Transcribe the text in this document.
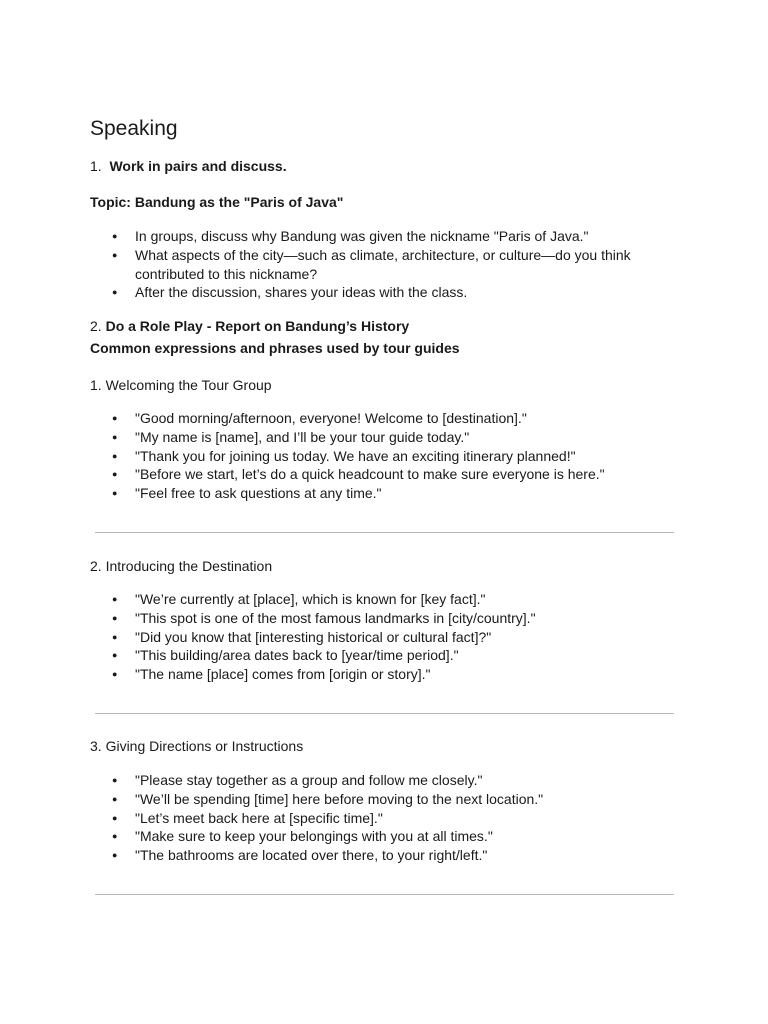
Speaking

1. Work in pairs and discuss.

Topic: Bandung as the "Paris of Java"

● In groups, discuss why Bandung was given the nickname "Paris of Java."
● What aspects of the city—such as climate, architecture, or culture—do you think contributed to this nickname?
● After the discussion, shares your ideas with the class.

2. Do a Role Play - Report on Bandung’s History

Common expressions and phrases used by tour guides

1. Welcoming the Tour Group

● "Good morning/afternoon, everyone! Welcome to [destination]."
● "My name is [name], and I’ll be your tour guide today."
● "Thank you for joining us today. We have an exciting itinerary planned!"
● "Before we start, let’s do a quick headcount to make sure everyone is here."
● "Feel free to ask questions at any time."

2. Introducing the Destination

● "We’re currently at [place], which is known for [key fact]."
● "This spot is one of the most famous landmarks in [city/country]."
● "Did you know that [interesting historical or cultural fact]?"
● "This building/area dates back to [year/time period]."
● "The name [place] comes from [origin or story]."

3. Giving Directions or Instructions

● "Please stay together as a group and follow me closely."
● "We’ll be spending [time] here before moving to the next location."
● "Let’s meet back here at [specific time]."
● "Make sure to keep your belongings with you at all times."
● "The bathrooms are located over there, to your right/left."
